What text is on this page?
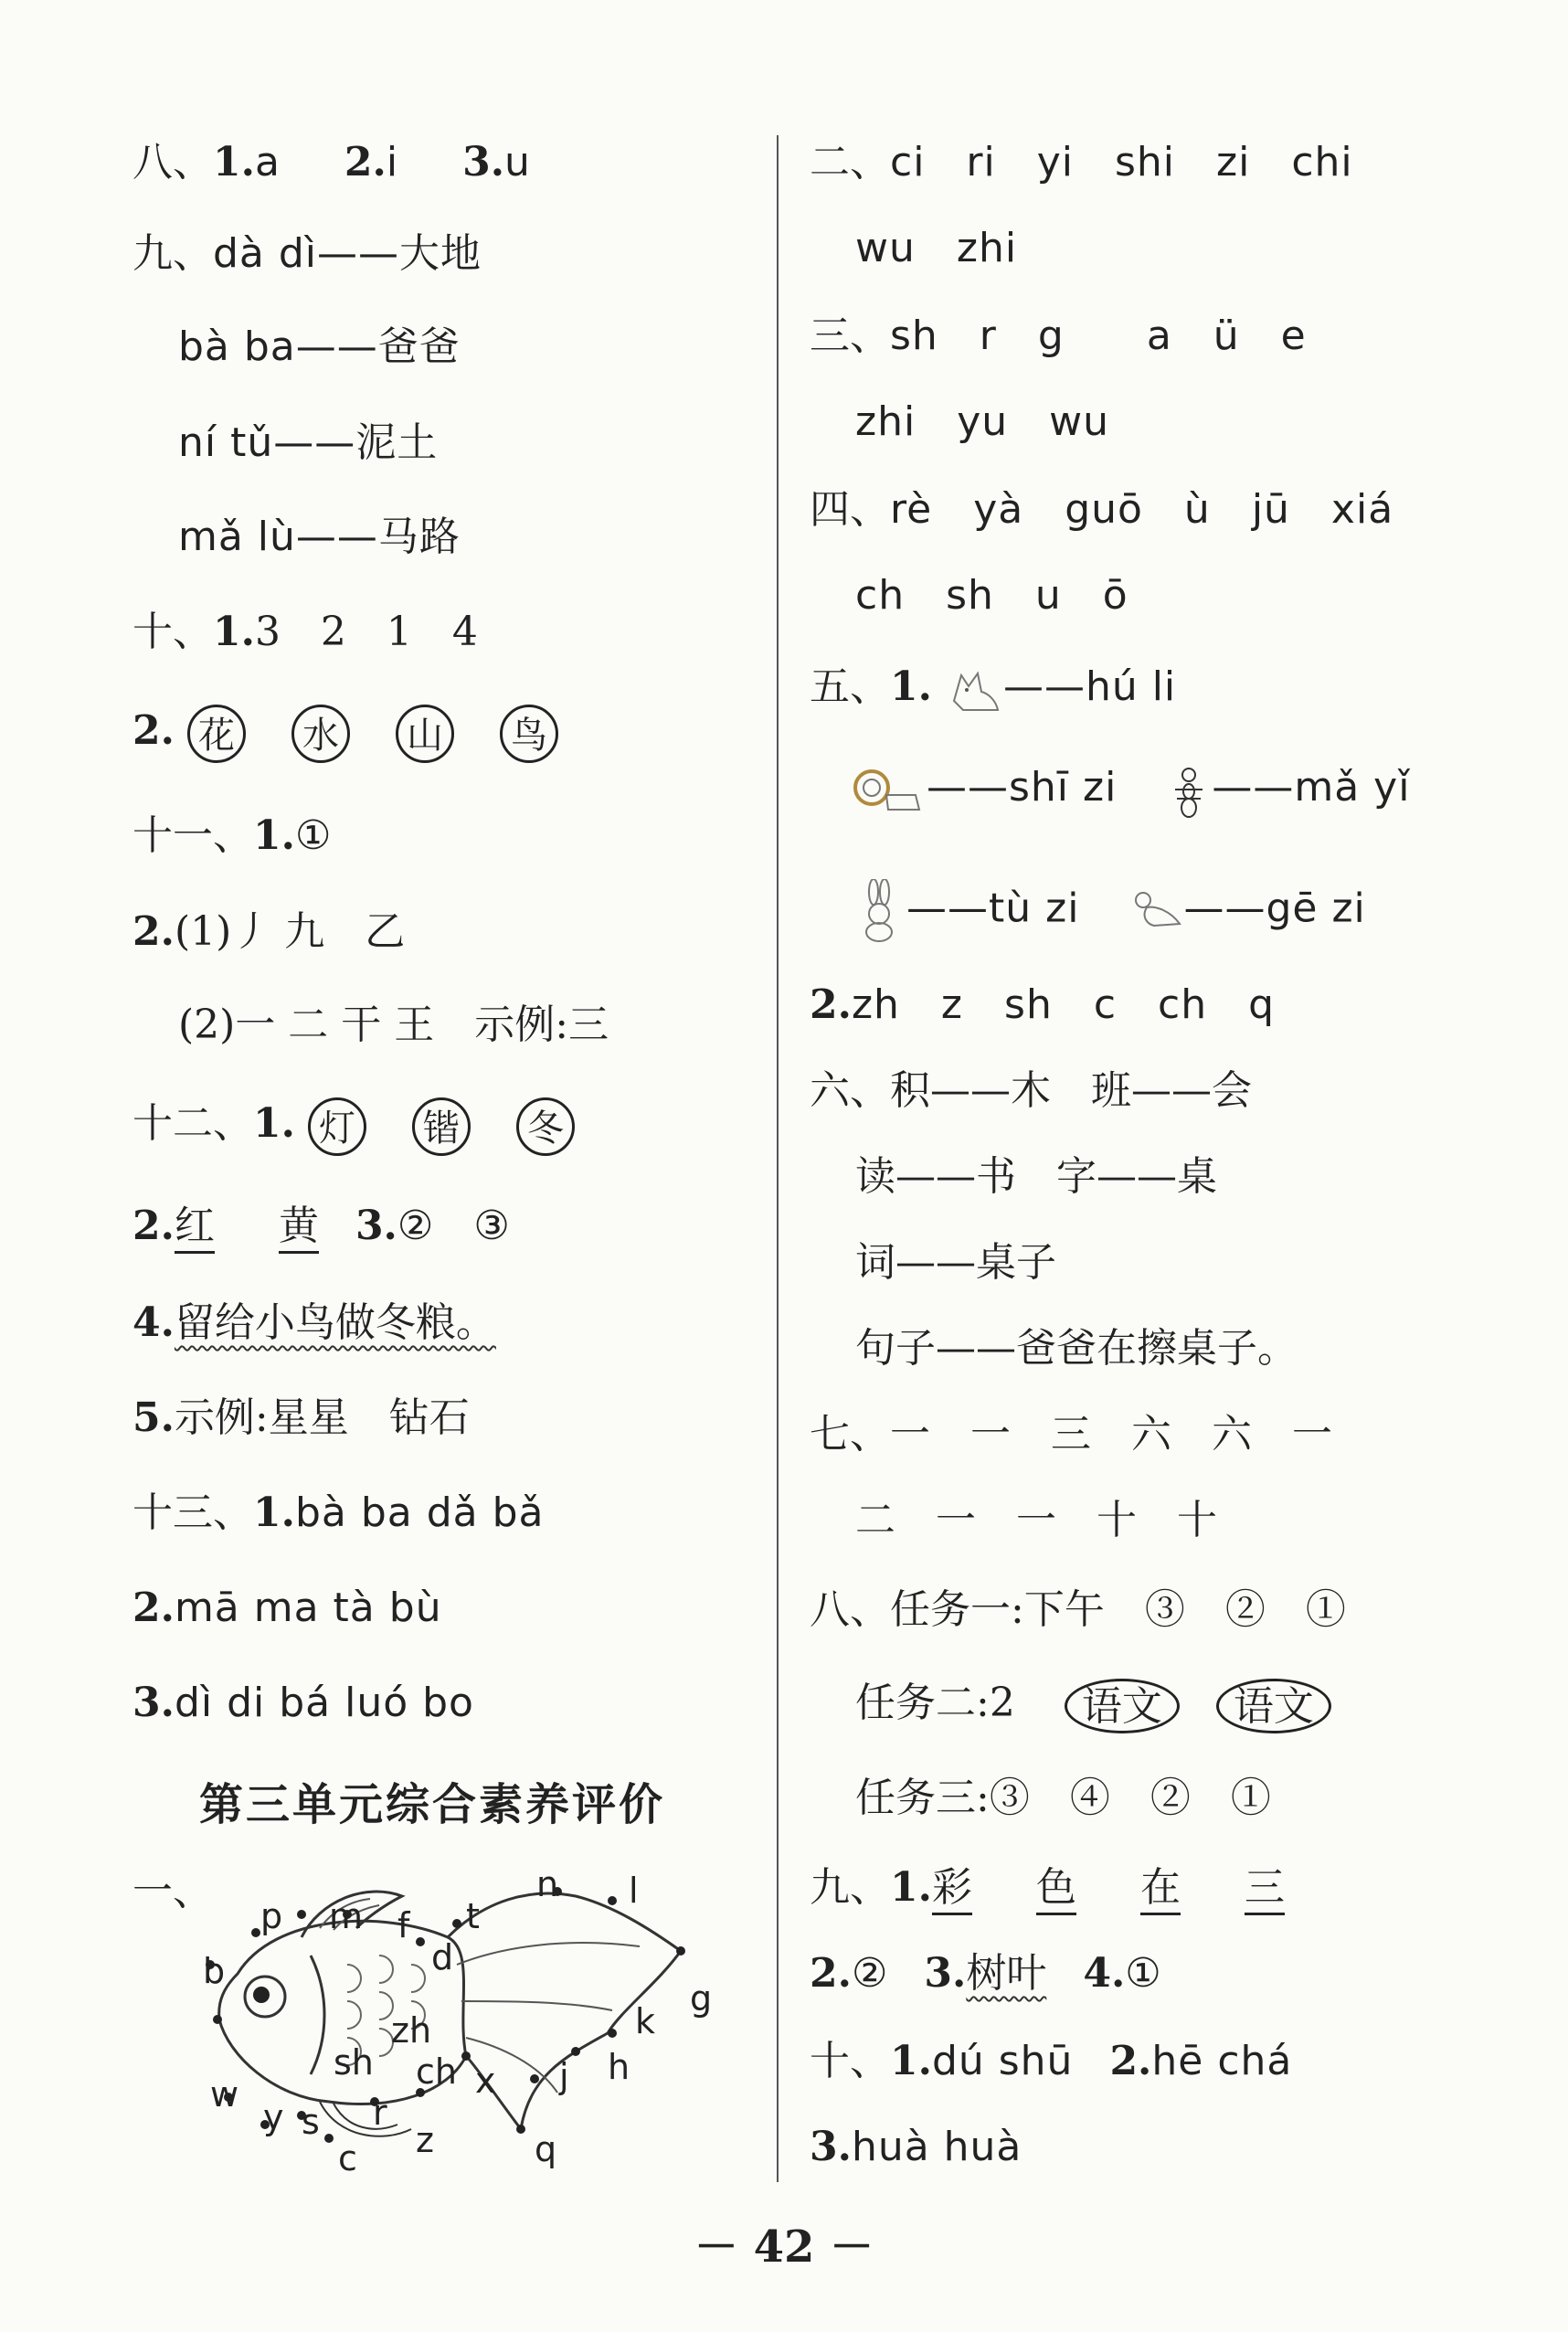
八、1.a 2.i 3.u
九、dà dì——大地
bà ba——爸爸
ní tǔ——泥土
mǎ lù——马路
十、1.3　2　1　4
2. 花 水 山 鸟
十一、1.①
2.(1)丿 九　乙
(2)一 二 干 王　示例:三
十二、1. 灯 锴 冬
2.红 黄 3.②　③
4.留给小鸟做冬粮。
5.示例:星星　钻石
十三、1.bà ba dǎ bǎ
2.mā ma tà bù
3.dì di bá luó bo
第三单元综合素养评价
一、
p m f t
n l
b	d
g
zh	k
sh ch x	h
j
w
y s r
c z	q
二、ci　ri　yi　shi　zi　chi
wu　zhi
三、sh　r　g　　a　ü　e
zhi　yu　wu
四、rè　yà　guō　ù　jū　xiá
ch　sh　u　ō
五、1. ——hú li
——shī zi ——mǎ yǐ
——tù zi	——gē zi
2.zh　z　sh　c　ch　q
六、积——木　班——会
读——书　字——桌
词——桌子
句子——爸爸在擦桌子。
七、一　一　三　六　六　一
二　一　一　十　十
八、任务一:下午　③　②　①
任务二:2 语文 语文
任务三:③　④　②　①
九、1.彩 色 在 三
2.② 3.树叶 4.①
十、1.dú shū 2.hē chá
3.huà huà
－ 42 －
